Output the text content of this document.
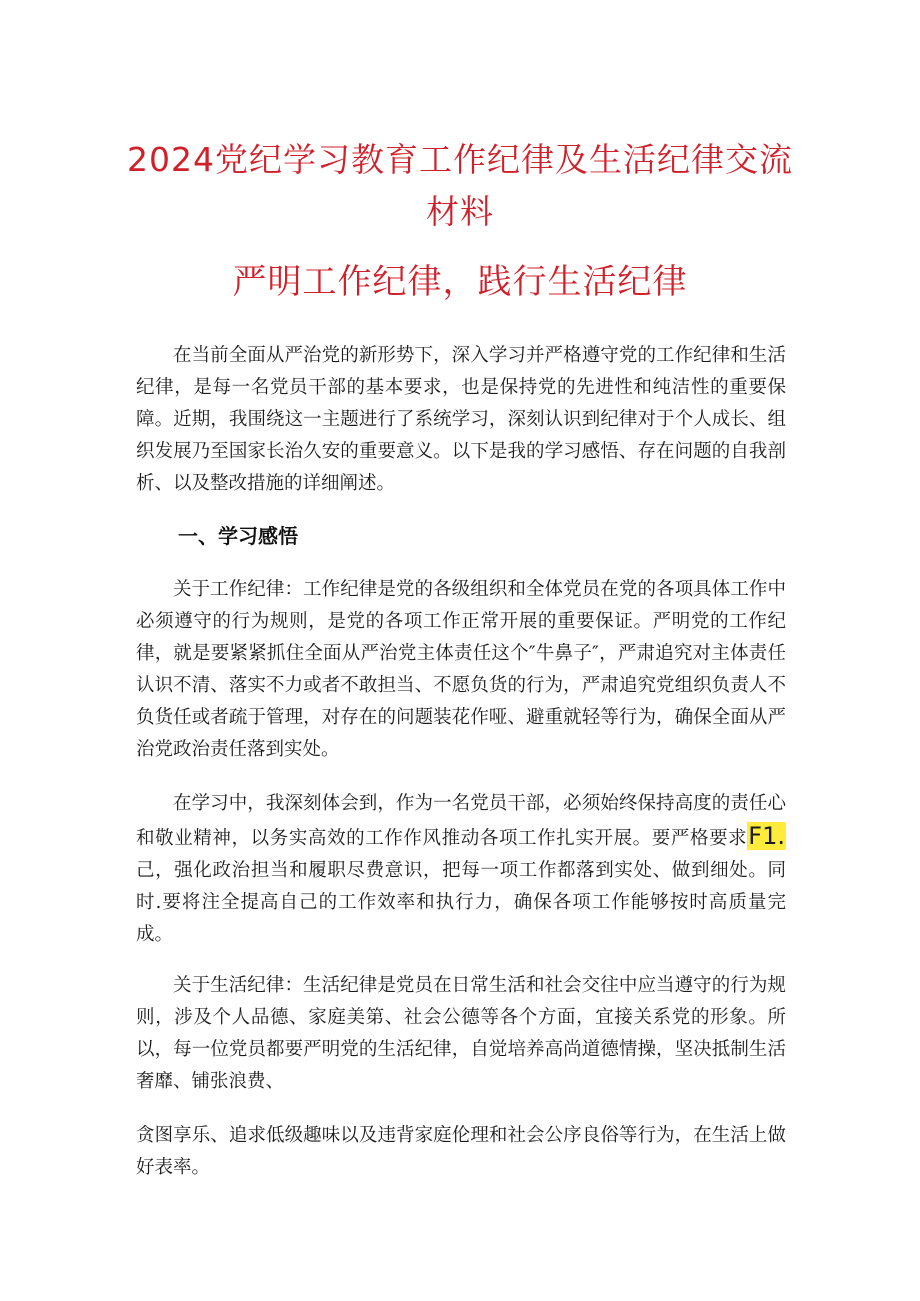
2024党纪学习教育工作纪律及生活纪律交流材料
严明工作纪律，践行生活纪律

在当前全面从严治党的新形势下，深入学习并严格遵守党的工作纪律和生活纪律，是每一名党员干部的基本要求，也是保持党的先进性和纯洁性的重要保障。近期，我围绕这一主题进行了系统学习，深刻认识到纪律对于个人成长、组织发展乃至国家长治久安的重要意义。以下是我的学习感悟、存在问题的自我剖析、以及整改措施的详细阐述。

一、学习感悟

关于工作纪律：工作纪律是党的各级组织和全体党员在党的各项具体工作中必须遵守的行为规则，是党的各项工作正常开展的重要保证。严明党的工作纪律，就是要紧紧抓住全面从严治党主体责任这个″牛鼻子″，严肃追究对主体责任认识不清、落实不力或者不敢担当、不愿负货的行为，严肃追究党组织负责人不负货任或者疏于管理，对存在的问题装花作哑、避重就轻等行为，确保全面从严治党政治责任落到实处。

在学习中，我深刻体会到，作为一名党员干部，必须始终保持高度的责任心和敬业精神，以务实高效的工作作风推动各项工作扎实开展。要严格要求F1.己，强化政治担当和履职尽费意识，把每一项工作都落到实处、做到细处。同时.要将注全提高自己的工作效率和执行力，确保各项工作能够按时高质量完成。

关于生活纪律：生活纪律是党员在日常生活和社会交往中应当遵守的行为规则，涉及个人品德、家庭美第、社会公德等各个方面，宜接关系党的形象。所以，每一位党员都要严明党的生活纪律，自觉培养高尚道德情操，坚决抵制生活奢靡、铺张浪费、

贪图享乐、追求低级趣味以及违背家庭伦理和社会公序良俗等行为，在生活上做好表率。
